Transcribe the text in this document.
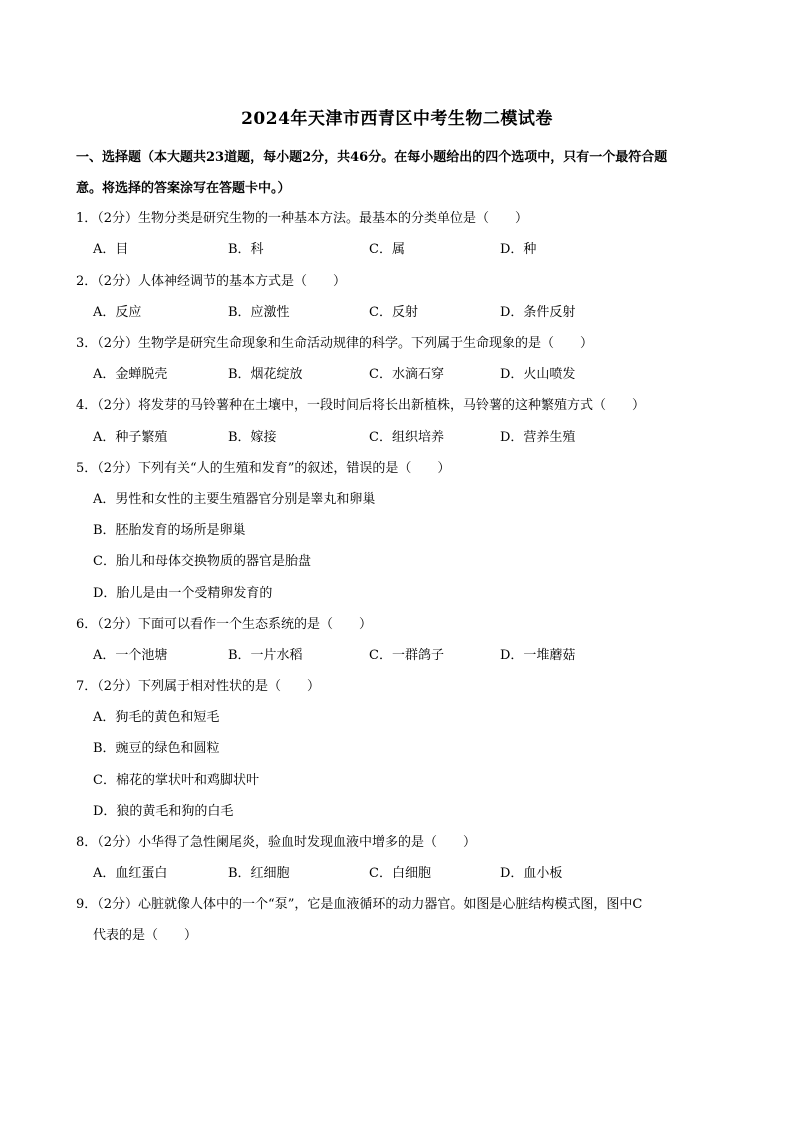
2024年天津市西青区中考生物二模试卷
一、选择题（本大题共23道题，每小题2分，共46分。在每小题给出的四个选项中，只有一个最符合题
意。将选择的答案涂写在答题卡中。）
1．（2分）生物分类是研究生物的一种基本方法。最基本的分类单位是（　　）
A．目	B．科	C．属	D．种
2．（2分）人体神经调节的基本方式是（　　）
A．反应	B．应激性	C．反射	D．条件反射
3．（2分）生物学是研究生命现象和生命活动规律的科学。下列属于生命现象的是（　　）
A．金蝉脱壳	B．烟花绽放	C．水滴石穿	D．火山喷发
4．（2分）将发芽的马铃薯种在土壤中，一段时间后将长出新植株，马铃薯的这种繁殖方式（　　）
A．种子繁殖	B．嫁接	C．组织培养	D．营养生殖
5．（2分）下列有关“人的生殖和发育”的叙述，错误的是（　　）
A．男性和女性的主要生殖器官分别是睾丸和卵巢
B．胚胎发育的场所是卵巢
C．胎儿和母体交换物质的器官是胎盘
D．胎儿是由一个受精卵发育的
6．（2分）下面可以看作一个生态系统的是（　　）
A．一个池塘	B．一片水稻	C．一群鸽子	D．一堆蘑菇
7．（2分）下列属于相对性状的是（　　）
A．狗毛的黄色和短毛
B．豌豆的绿色和圆粒
C．棉花的掌状叶和鸡脚状叶
D．狼的黄毛和狗的白毛
8．（2分）小华得了急性阑尾炎，验血时发现血液中增多的是（　　）
A．血红蛋白	B．红细胞	C．白细胞	D．血小板
9．（2分）心脏就像人体中的一个“泵”，它是血液循环的动力器官。如图是心脏结构模式图，图中C
代表的是（　　）
